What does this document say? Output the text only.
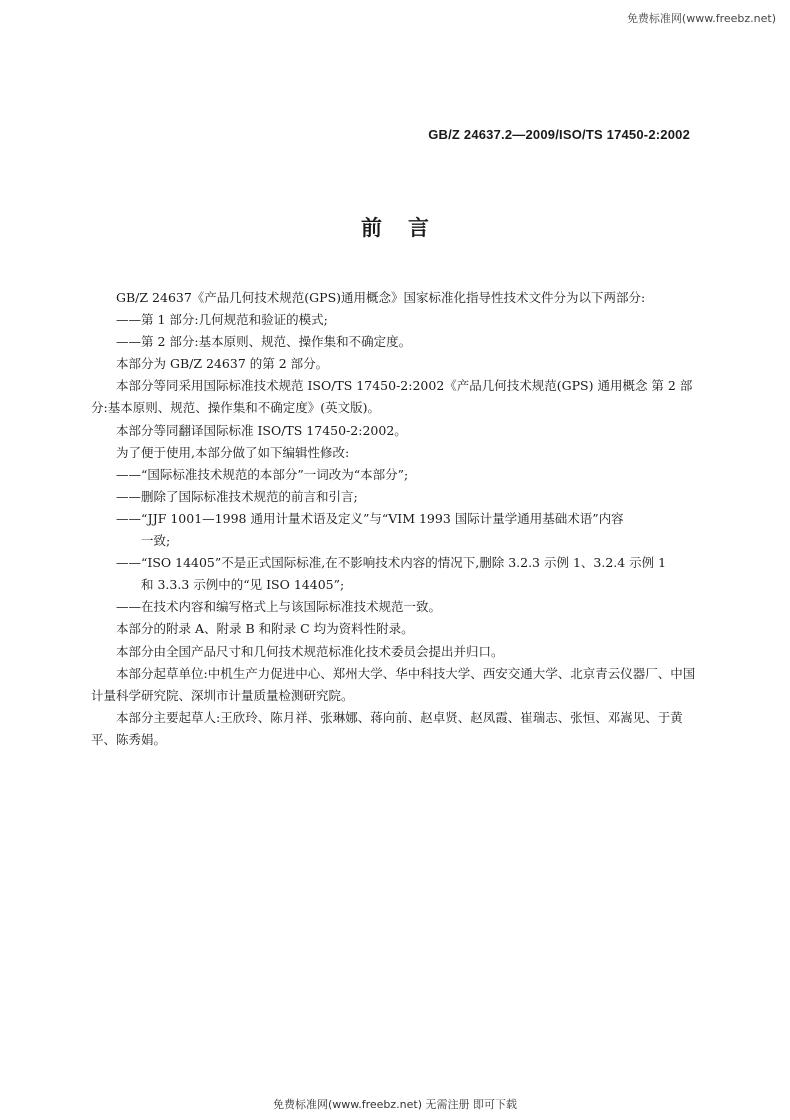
免费标准网(www.freebz.net)
GB/Z 24637.2—2009/ISO/TS 17450-2:2002
前言
GB/Z 24637《产品几何技术规范(GPS)通用概念》国家标准化指导性技术文件分为以下两部分:
——第 1 部分:几何规范和验证的模式;
——第 2 部分:基本原则、规范、操作集和不确定度。
本部分为 GB/Z 24637 的第 2 部分。
本部分等同采用国际标准技术规范 ISO/TS 17450-2:2002《产品几何技术规范(GPS) 通用概念 第 2 部分:基本原则、规范、操作集和不确定度》(英文版)。
本部分等同翻译国际标准 ISO/TS 17450-2:2002。
为了便于使用,本部分做了如下编辑性修改:
——“国际标准技术规范的本部分”一词改为“本部分”;
——删除了国际标准技术规范的前言和引言;
——“JJF 1001—1998 通用计量术语及定义”与“VIM 1993 国际计量学通用基础术语”内容
一致;
——“ISO 14405”不是正式国际标准,在不影响技术内容的情况下,删除 3.2.3 示例 1、3.2.4 示例 1
和 3.3.3 示例中的“见 ISO 14405”;
——在技术内容和编写格式上与该国际标准技术规范一致。
本部分的附录 A、附录 B 和附录 C 均为资料性附录。
本部分由全国产品尺寸和几何技术规范标准化技术委员会提出并归口。
本部分起草单位:中机生产力促进中心、郑州大学、华中科技大学、西安交通大学、北京青云仪器厂、中国计量科学研究院、深圳市计量质量检测研究院。
本部分主要起草人:王欣玲、陈月祥、张琳娜、蒋向前、赵卓贤、赵凤霞、崔瑞志、张恒、邓嵩见、于黄平、陈秀娟。
免费标准网(www.freebz.net) 无需注册 即可下载
